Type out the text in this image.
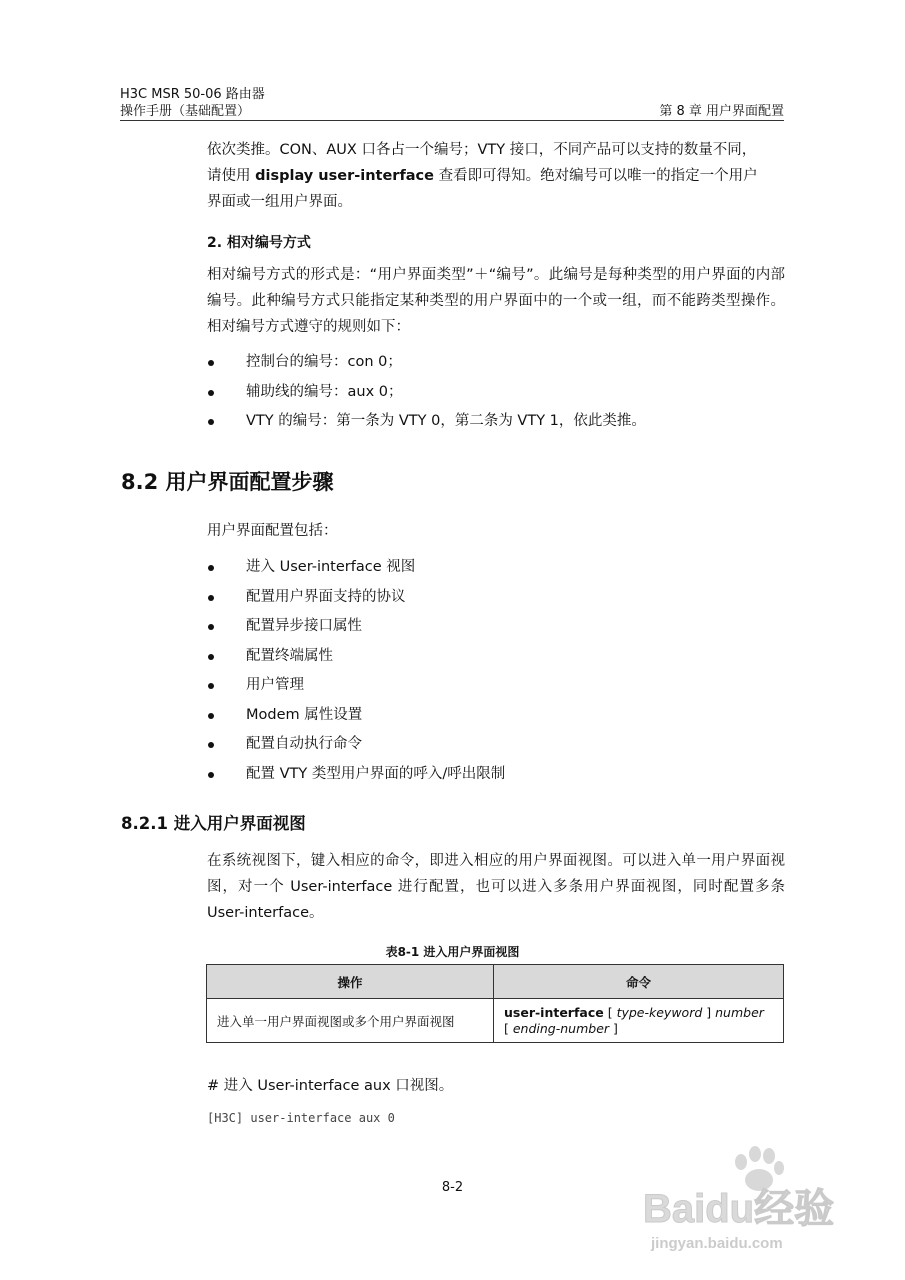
H3C MSR 50-06 路由器
操作手册（基础配置）	第 8 章 用户界面配置
依次类推。CON、AUX 口各占一个编号；VTY 接口，不同产品可以支持的数量不同，
请使用 display user-interface 查看即可得知。绝对编号可以唯一的指定一个用户
界面或一组用户界面。
2. 相对编号方式
相对编号方式的形式是：“用户界面类型”＋“编号”。此编号是每种类型的用户界面的内部编号。此种编号方式只能指定某种类型的用户界面中的一个或一组，而不能跨类型操作。相对编号方式遵守的规则如下：
控制台的编号：con 0；
辅助线的编号：aux 0；
VTY 的编号：第一条为 VTY 0，第二条为 VTY 1，依此类推。
8.2 用户界面配置步骤
用户界面配置包括：
进入 User-interface 视图
配置用户界面支持的协议
配置异步接口属性
配置终端属性
用户管理
Modem 属性设置
配置自动执行命令
配置 VTY 类型用户界面的呼入/呼出限制
8.2.1 进入用户界面视图
在系统视图下，键入相应的命令，即进入相应的用户界面视图。可以进入单一用户界面视图，对一个 User-interface 进行配置，也可以进入多条用户界面视图，同时配置多条 User-interface。
表8-1 进入用户界面视图
操作	命令
进入单一用户界面视图或多个用户界面视图	user-interface [ type-keyword ] number
[ ending-number ]
# 进入 User-interface aux 口视图。
[H3C] user-interface aux 0
8-2	Baidu经验
jingyan.baidu.com
